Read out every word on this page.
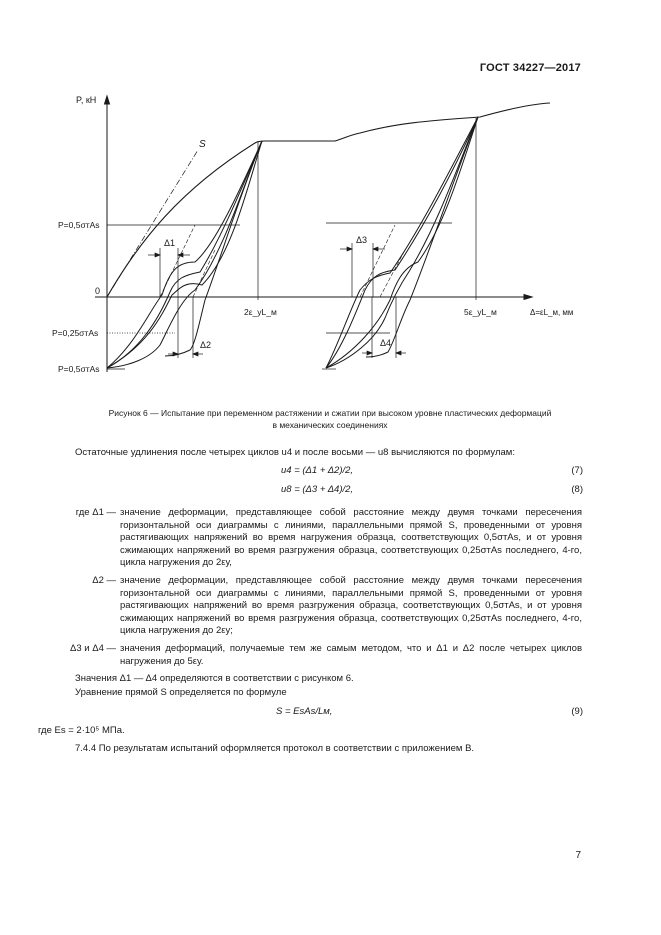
ГОСТ 34227—2017
S
Δ1
Δ2
Δ3
Δ4
P, кН
Δ=εL_м, мм
0
2ε_yL_м	5ε_yL_м
P=0,5σтAs
P=0,25σтAs
P=0,5σтAs
Рисунок 6 — Испытание при переменном растяжении и сжатии при высоком уровне пластических деформаций
в механических соединениях
Остаточные удлинения после четырех циклов u4 и после восьми — u8 вычисляются по формулам:
u4 = (Δ1 + Δ2)/2,	(7)
u8 = (Δ3 + Δ4)/2,	(8)
где Δ1 — значение деформации, представляющее собой расстояние между двумя точками пересечения горизонтальной оси диаграммы с линиями, параллельными прямой S, проведенными от уровня растягивающих напряжений во время нагружения образца, соответствующих 0,5σтAs, и от уровня сжимающих напряжений во время разгружения образца, соответствующих 0,25σтAs последнего, 4-го, цикла нагружения до 2εу,
Δ2 — значение деформации, представляющее собой расстояние между двумя точками пересечения горизонтальной оси диаграммы с линиями, параллельными прямой S, проведенными от уровня растягивающих напряжений во время разгружения образца, соответствующих 0,5σтAs, и от уровня сжимающих напряжений во время разгружения образца, соответствующих 0,25σтAs последнего, 4-го, цикла нагружения до 2εу;
Δ3 и Δ4 — значения деформаций, получаемые тем же самым методом, что и Δ1 и Δ2 после четырех циклов нагружения до 5εу.
Значения Δ1 — Δ4 определяются в соответствии с рисунком 6.
Уравнение прямой S определяется по формуле
S = EsAs/Lм,	(9)
где Es = 2·10⁵ МПа.
7.4.4 По результатам испытаний оформляется протокол в соответствии с приложением В.
7
